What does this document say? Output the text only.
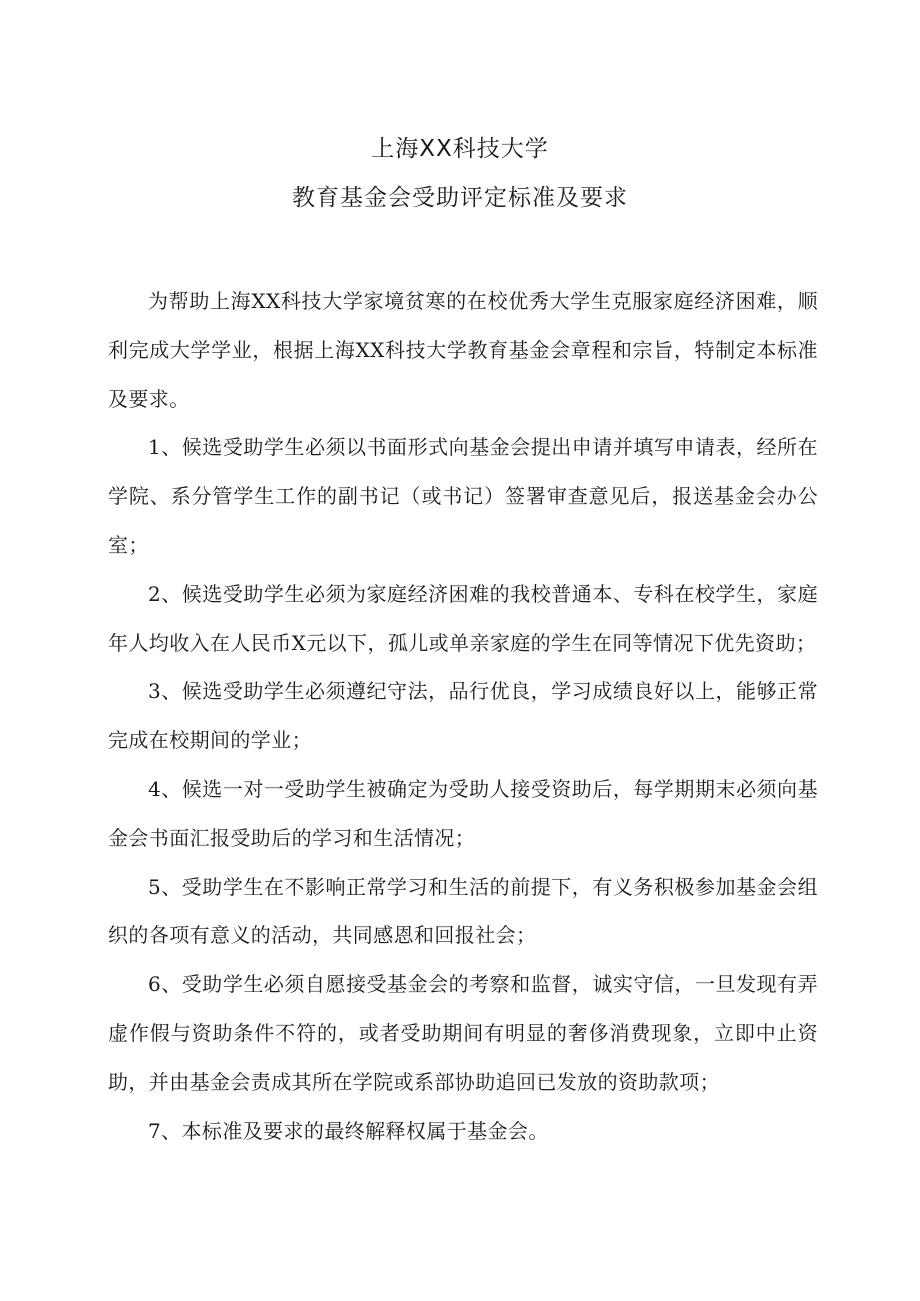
上海XX科技大学
教育基金会受助评定标准及要求

为帮助上海XX科技大学家境贫寒的在校优秀大学生克服家庭经济困难，顺利完成大学学业，根据上海XX科技大学教育基金会章程和宗旨，特制定本标准及要求。

1、候选受助学生必须以书面形式向基金会提出申请并填写申请表，经所在学院、系分管学生工作的副书记（或书记）签署审查意见后，报送基金会办公室；

2、候选受助学生必须为家庭经济困难的我校普通本、专科在校学生，家庭年人均收入在人民币X元以下，孤儿或单亲家庭的学生在同等情况下优先资助；

3、候选受助学生必须遵纪守法，品行优良，学习成绩良好以上，能够正常完成在校期间的学业；

4、候选一对一受助学生被确定为受助人接受资助后，每学期期末必须向基金会书面汇报受助后的学习和生活情况；

5、受助学生在不影响正常学习和生活的前提下，有义务积极参加基金会组织的各项有意义的活动，共同感恩和回报社会；

6、受助学生必须自愿接受基金会的考察和监督，诚实守信，一旦发现有弄虚作假与资助条件不符的，或者受助期间有明显的奢侈消费现象，立即中止资助，并由基金会责成其所在学院或系部协助追回已发放的资助款项；

7、本标准及要求的最终解释权属于基金会。
